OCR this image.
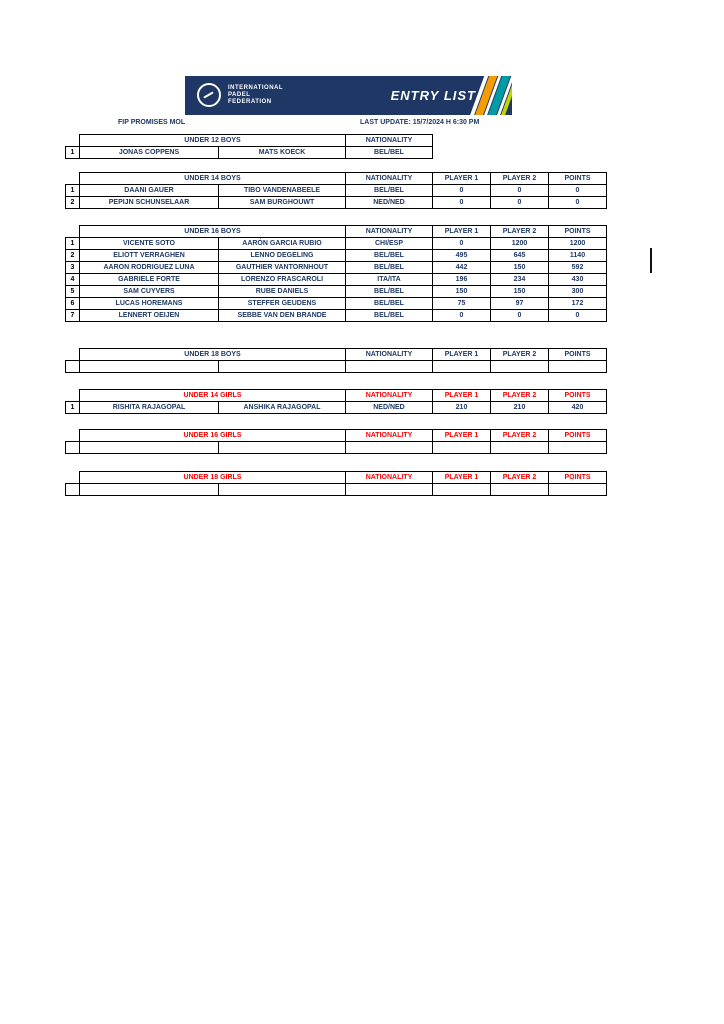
INTERNATIONAL
PADEL
FEDERATION	ENTRY LIST
FIP PROMISES MOL	LAST UPDATE: 15/7/2024 H 6:30 PM
	UNDER 12 BOYS		NATIONALITY
1	JONAS COPPENS	MATS KOECK	BEL/BEL
	UNDER 14 BOYS		NATIONALITY	PLAYER 1	PLAYER 2	POINTS
1	DAANI GAUER	TIBO VANDENABEELE	BEL/BEL	0	0	0
2	PEPIJN SCHUNSELAAR	SAM BURGHOUWT	NED/NED	0	0	0
	UNDER 16 BOYS		NATIONALITY	PLAYER 1	PLAYER 2	POINTS
1	VICENTE SOTO	AARÓN GARCIA RUBIO	CHI/ESP	0	1200	1200
2	ELIOTT VERRAGHEN	LENNO DEGELING	BEL/BEL	495	645	1140
3	AARON RODRIGUEZ LUNA	GAUTHIER VANTORNHOUT	BEL/BEL	442	150	592
4	GABRIELE FORTE	LORENZO FRASCAROLI	ITA/ITA	196	234	430
5	SAM CUYVERS	RUBE DANIELS	BEL/BEL	150	150	300
6	LUCAS HOREMANS	STEFFER GEUDENS	BEL/BEL	75	97	172
7	LENNERT OEIJEN	SEBBE VAN DEN BRANDE	BEL/BEL	0	0	0
	UNDER 18 BOYS		NATIONALITY	PLAYER 1	PLAYER 2	POINTS

	UNDER 14 GIRLS		NATIONALITY	PLAYER 1	PLAYER 2	POINTS
1	RISHITA RAJAGOPAL	ANSHIKA RAJAGOPAL	NED/NED	210	210	420
	UNDER 16 GIRLS		NATIONALITY	PLAYER 1	PLAYER 2	POINTS

	UNDER 18 GIRLS		NATIONALITY	PLAYER 1	PLAYER 2	POINTS
